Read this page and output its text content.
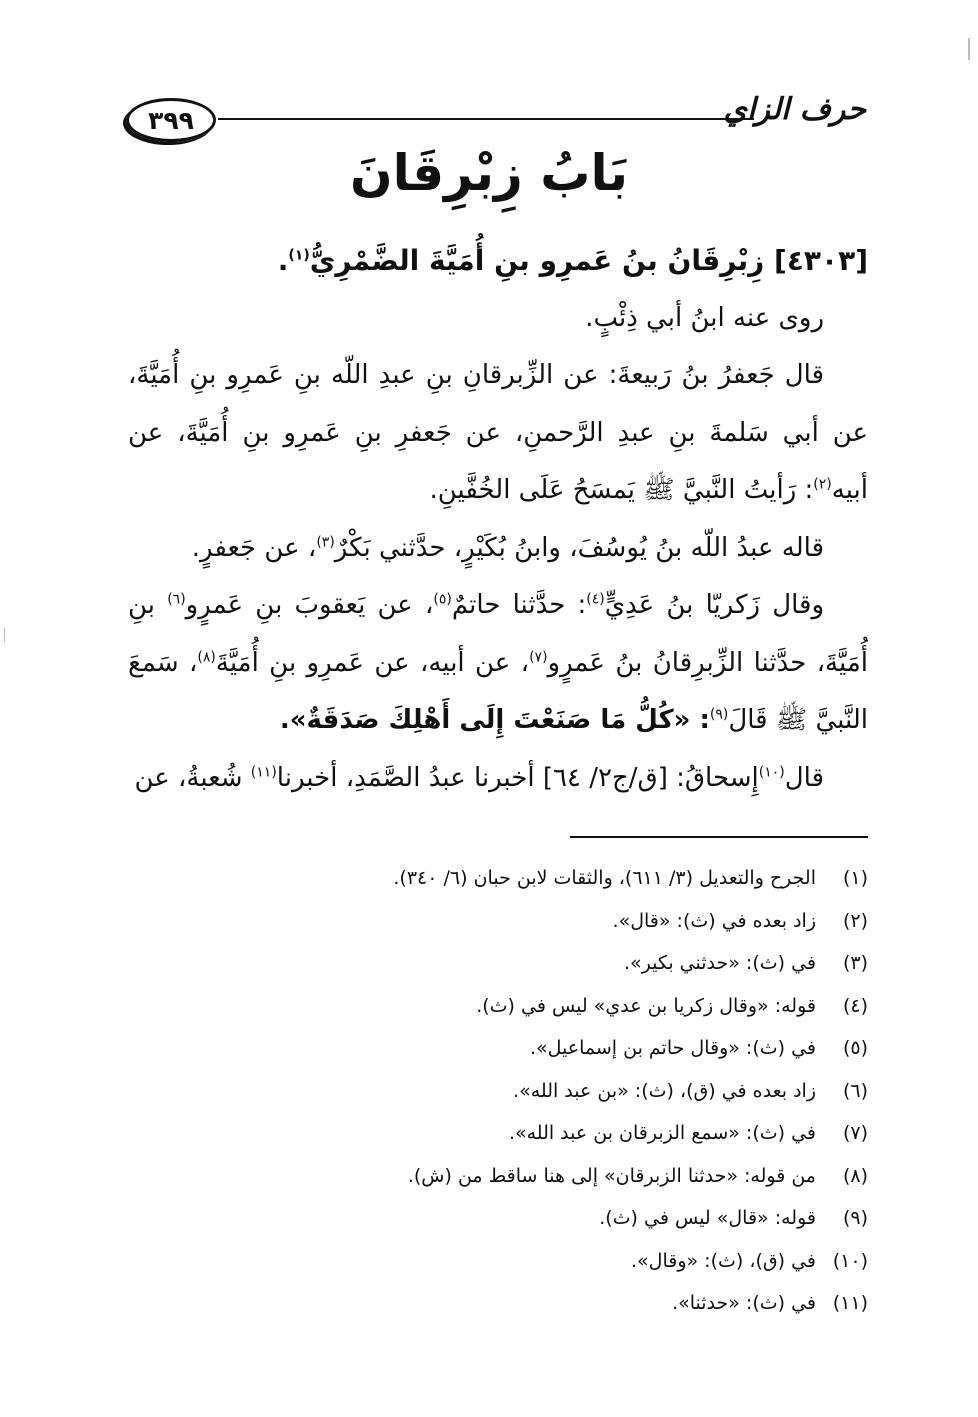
٣٩٩	حرف الزاي
بَابُ زِبْرِقَانَ

[٤٣٠٣] زِبْرِقَانُ بنُ عَمرِو بنِ أُمَيَّةَ الضَّمْرِيُّ$^{(١)}$.

روى عنه ابنُ أبي ذِئْبٍ.

قال جَعفرُ بنُ رَبيعةَ: عن الزِّبرقانِ بنِ عبدِ اللّه بنِ عَمرِو بنِ أُمَيَّةَ، عن أبي سَلمةَ بنِ عبدِ الرَّحمنِ، عن جَعفرِ بنِ عَمرِو بنِ أُمَيَّةَ، عن أبيه$^{(٢)}$: رَأيتُ النَّبيَّ ﷺ يَمسَحُ عَلَى الخُفَّينِ.

قاله عبدُ اللّه بنُ يُوسُفَ، وابنُ بُكَيْرٍ، حدَّثني بَكْرٌ$^{(٣)}$، عن جَعفرٍ.

وقال زَكريّا بنُ عَدِيٍّ$^{(٤)}$: حدَّثنا حاتمٌ$^{(٥)}$، عن يَعقوبَ بنِ عَمرٍو$^{(٦)}$ بنِ أُمَيَّةَ، حدَّثنا الزِّبرِقانُ بنُ عَمرٍو$^{(٧)}$، عن أبيه، عن عَمرِو بنِ أُمَيَّةَ$^{(٨)}$، سَمعَ النَّبيَّ ﷺ قَالَ$^{(٩)}$: «كُلُّ مَا صَنَعْتَ إِلَى أَهْلِكَ صَدَقَةٌ».

قال$^{(١٠)}$إِسحاقُ: [ق/ج٢/ ٦٤] أخبرنا عبدُ الصَّمَدِ، أخبرنا$^{(١١)}$ شُعبةُ، عن

(١)
الجرح والتعديل (٣/ ٦١١)، والثقات لابن حبان (٦/ ٣٤٠).
(٢)
زاد بعده في (ث): «قال».
(٣)
في (ث): «حدثني بكير».
(٤)
قوله: «وقال زكريا بن عدي» ليس في (ث).
(٥)
في (ث): «وقال حاتم بن إسماعيل».
(٦)
زاد بعده في (ق)، (ث): «بن عبد الله».
(٧)
في (ث): «سمع الزبرقان بن عبد الله».
(٨)
من قوله: «حدثنا الزبرقان» إلى هنا ساقط من (ش).
(٩)
قوله: «قال» ليس في (ث).
(١٠)
في (ق)، (ث): «وقال».
(١١)
في (ث): «حدثنا».
